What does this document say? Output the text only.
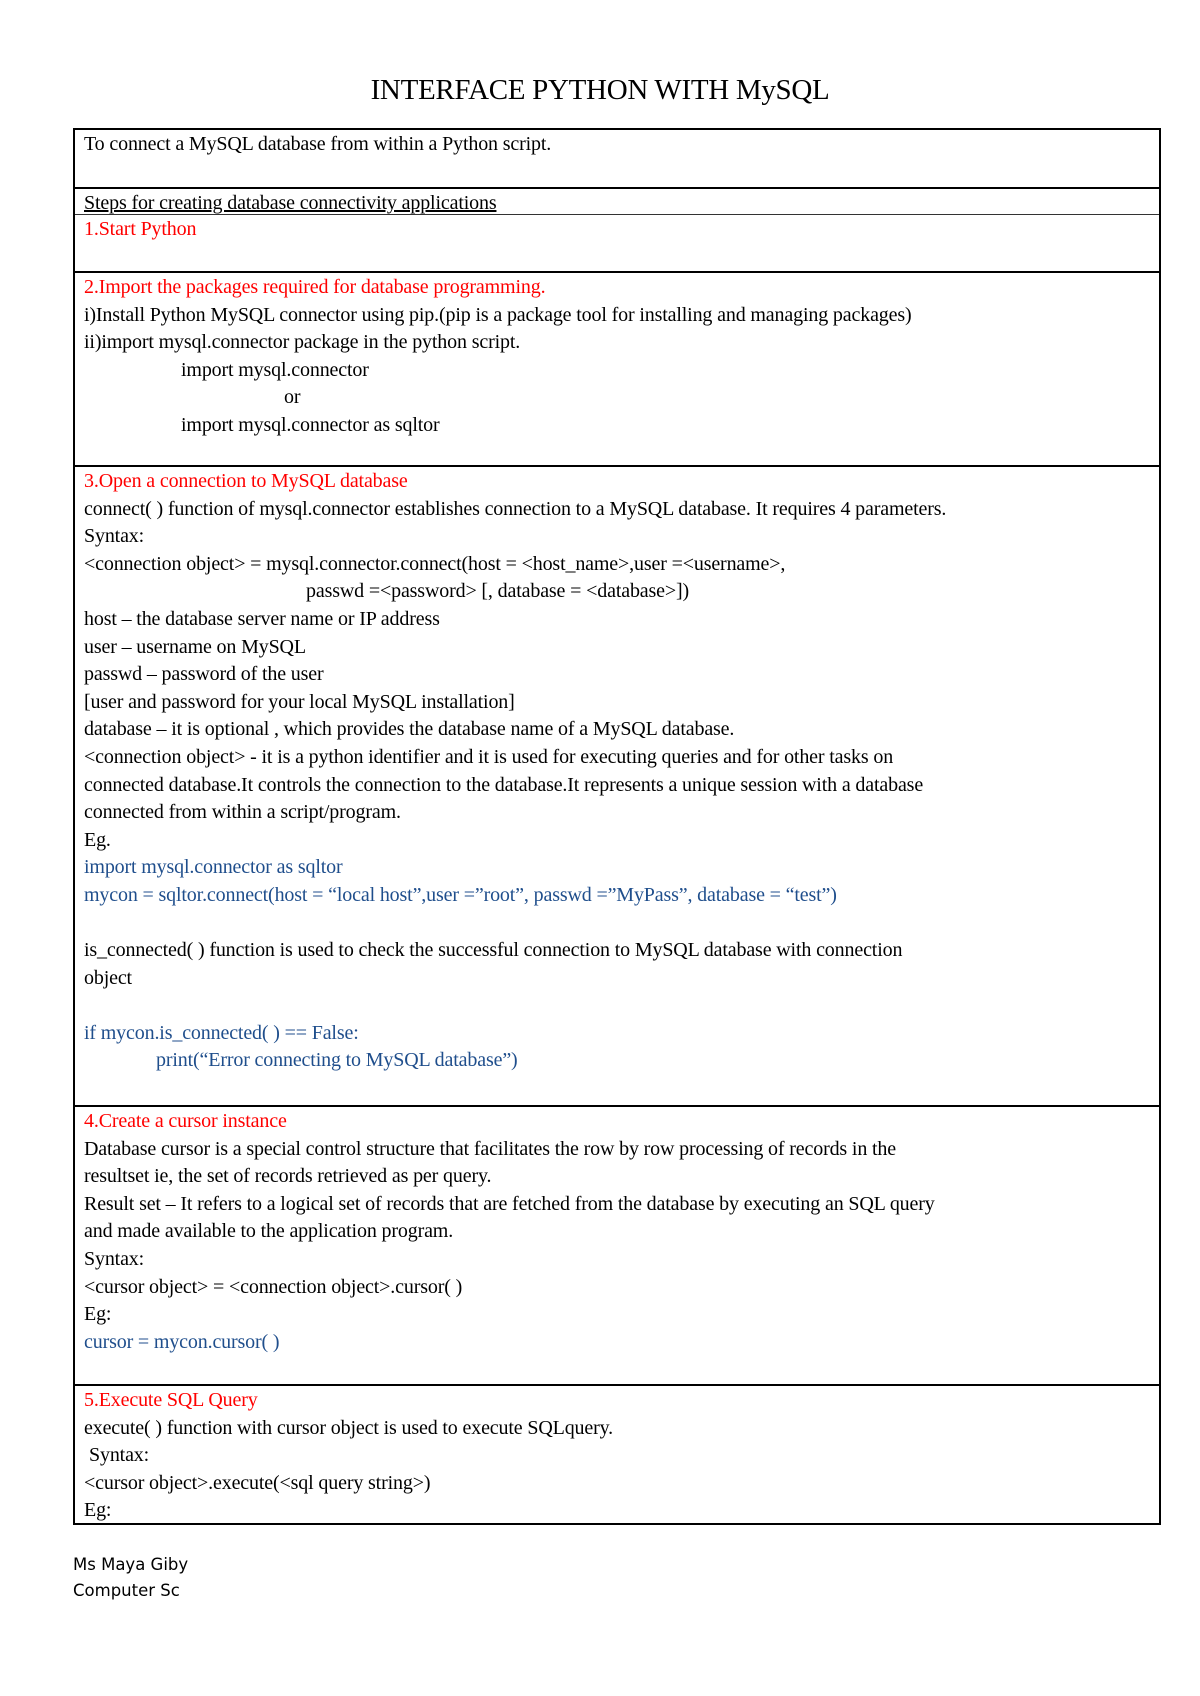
INTERFACE PYTHON WITH MySQL
To connect a MySQL database from within a Python script.
Steps for creating database connectivity applications
1.Start Python
2.Import the packages required for database programming.
i)Install Python MySQL connector using pip.(pip is a package tool for installing and managing packages)
ii)import mysql.connector package in the python script.
import mysql.connector
or
import mysql.connector as sqltor
3.Open a connection to MySQL database
connect( ) function of mysql.connector establishes connection to a MySQL database. It requires 4 parameters.
Syntax:
<connection object> = mysql.connector.connect(host = <host_name>,user =<username>,
passwd =<password> [, database = <database>])
host – the database server name or IP address
user – username on MySQL
passwd – password of the user
[user and password for your local MySQL installation]
database – it is optional , which provides the database name of a MySQL database.
<connection object> - it is a python identifier and it is used for executing queries and for other tasks on
connected database.It controls the connection to the database.It represents a unique session with a database
connected from within a script/program.
Eg.
import mysql.connector as sqltor
mycon = sqltor.connect(host = “local host”,user =”root”, passwd =”MyPass”, database = “test”)

is_connected( ) function is used to check the successful connection to MySQL database with connection
object

if mycon.is_connected( ) == False:
print(“Error connecting to MySQL database”)
4.Create a cursor instance
Database cursor is a special control structure that facilitates the row by row processing of records in the
resultset ie, the set of records retrieved as per query.
Result set – It refers to a logical set of records that are fetched from the database by executing an SQL query
and made available to the application program.
Syntax:
<cursor object> = <connection object>.cursor( )
Eg:
cursor = mycon.cursor( )
5.Execute SQL Query
execute( ) function with cursor object is used to execute SQLquery.
Syntax:
<cursor object>.execute(<sql query string>)
Eg:
Ms Maya Giby
Computer Sc
